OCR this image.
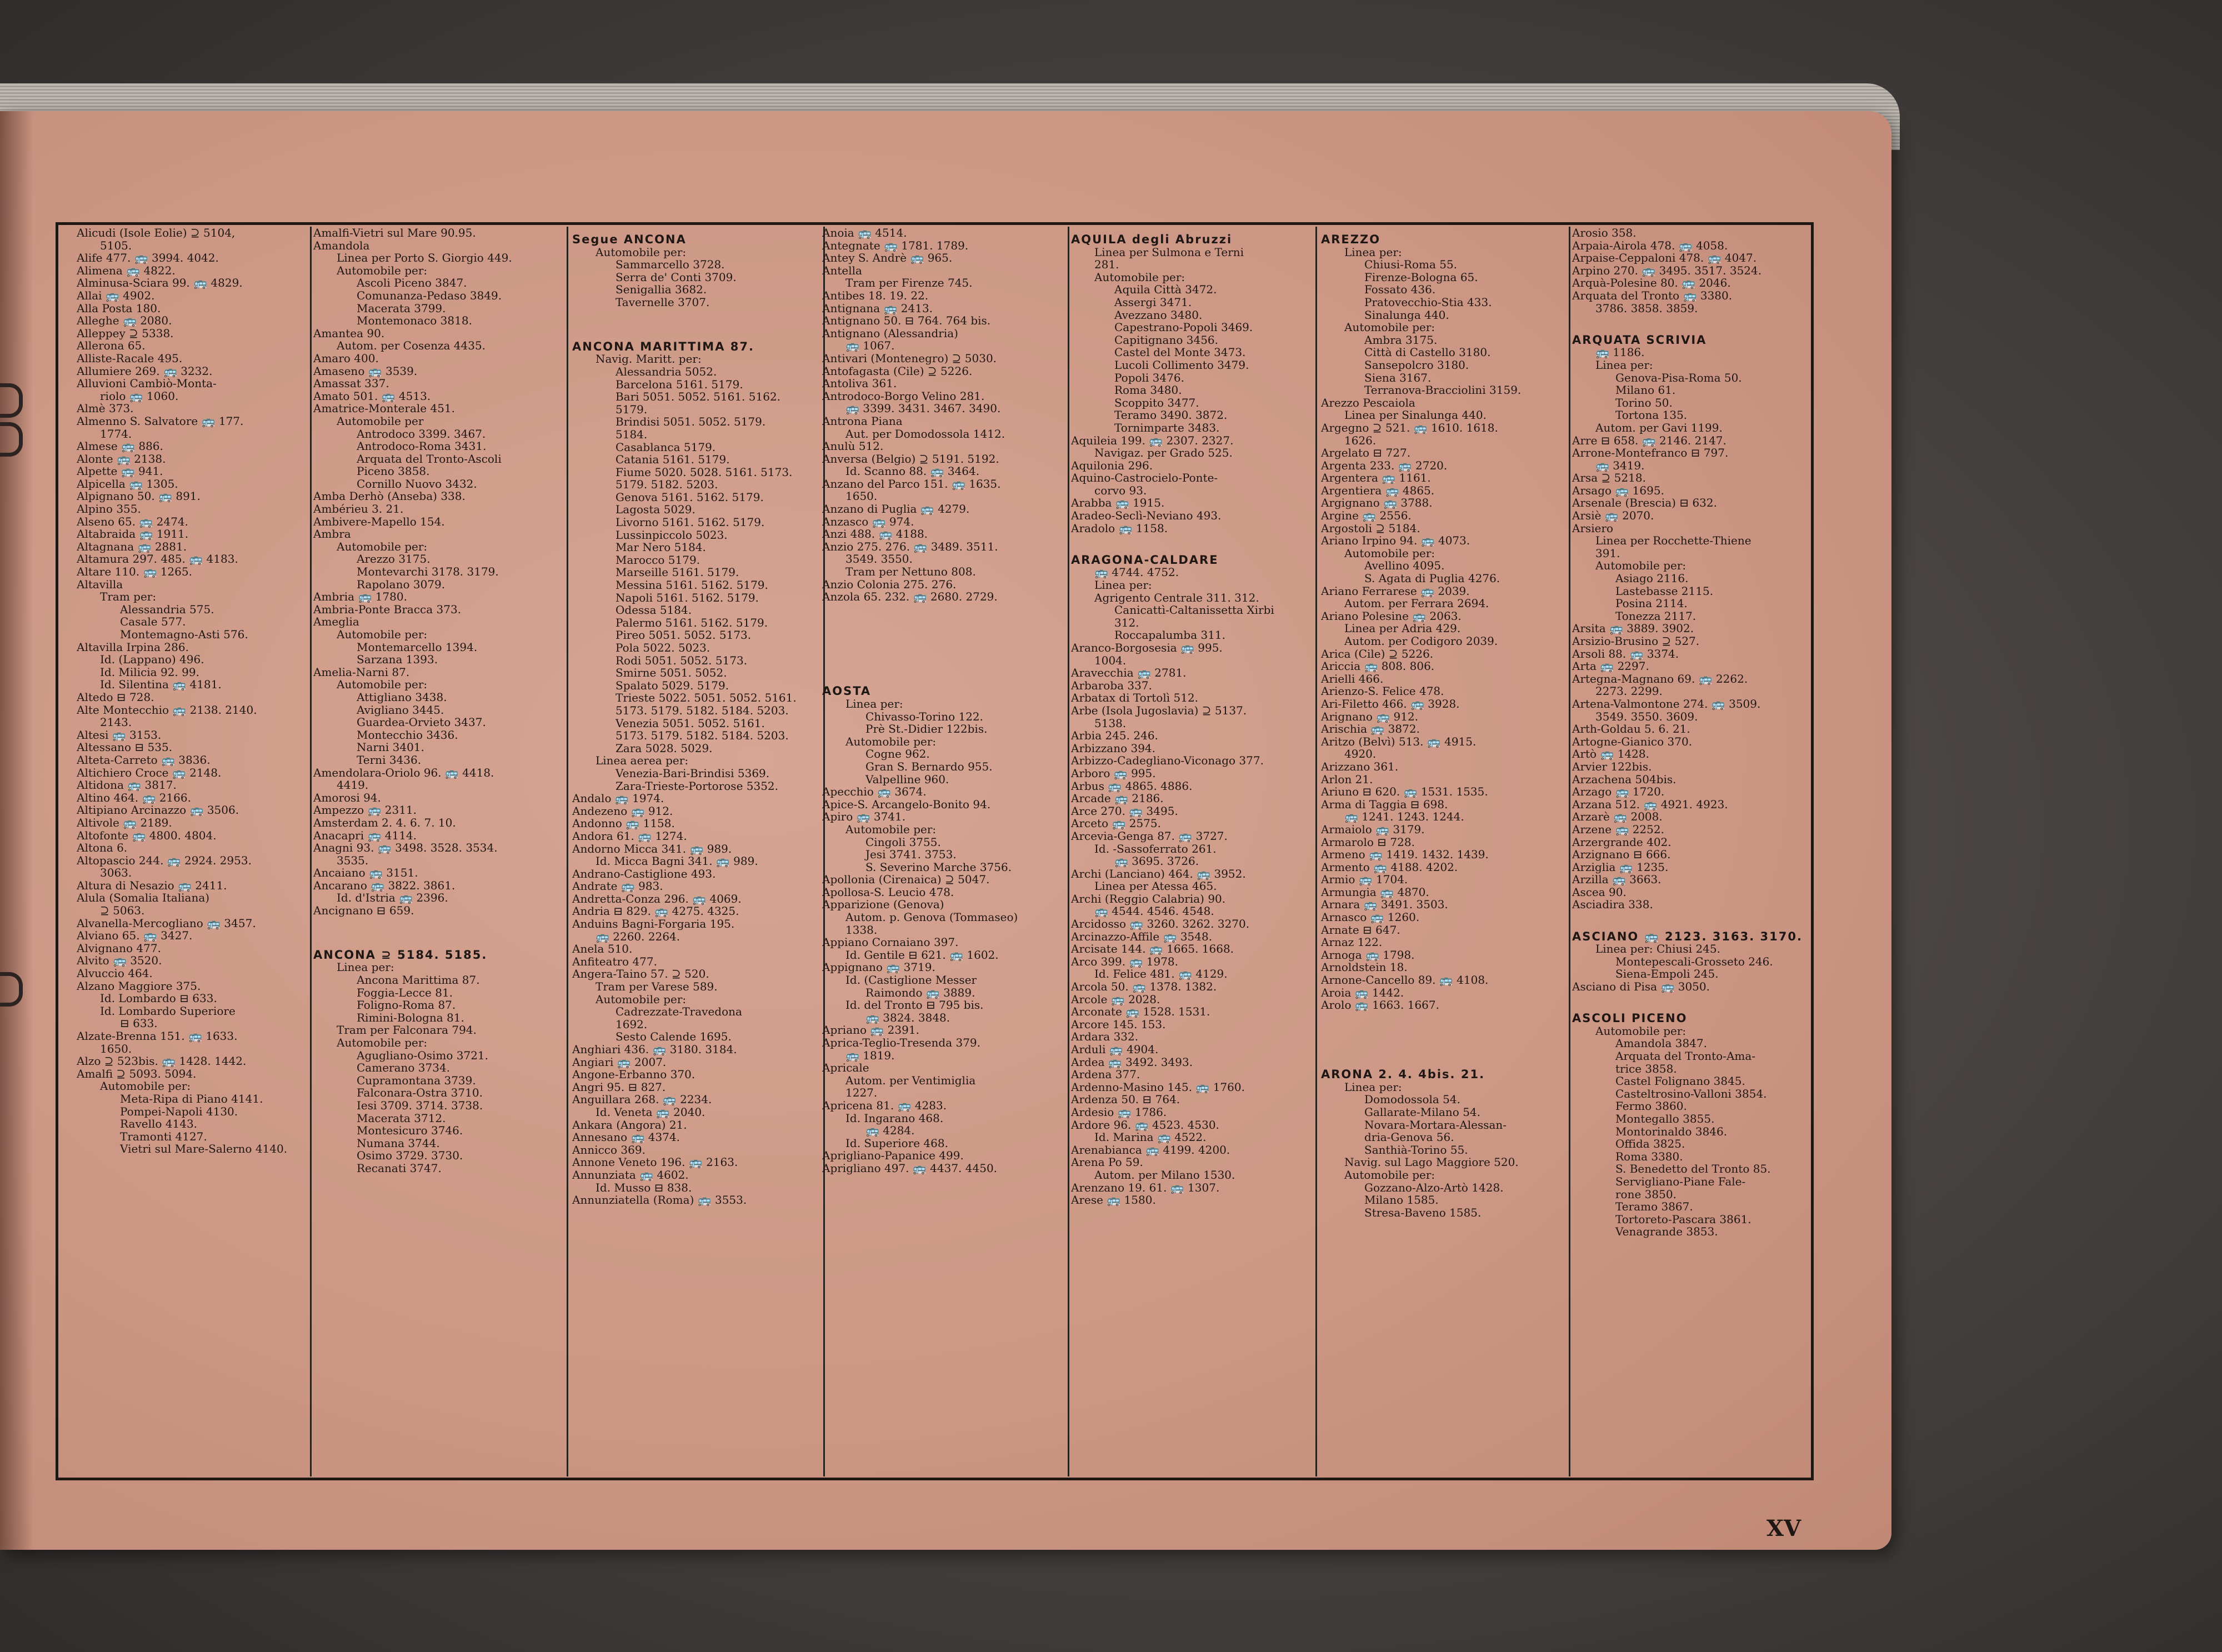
Alicudi (Isole Eolie) ⊇ 5104,
5105.
Alife 477. 🚌 3994. 4042.
Alimena 🚌 4822.
Alminusa-Sciara 99. 🚌 4829.
Allai 🚌 4902.
Alla Posta 180.
Alleghe 🚌 2080.
Alleppey ⊇ 5338.
Allerona 65.
Alliste-Racale 495.
Allumiere 269. 🚌 3232.
Alluvioni Cambiò-Monta-
riolo 🚌 1060.
Almè 373.
Almenno S. Salvatore 🚌 177.
1774.
Almese 🚌 886.
Alonte 🚌 2138.
Alpette 🚌 941.
Alpicella 🚌 1305.
Alpignano 50. 🚌 891.
Alpino 355.
Alseno 65. 🚌 2474.
Altabraida 🚌 1911.
Altagnana 🚌 2881.
Altamura 297. 485. 🚌 4183.
Altare 110. 🚌 1265.
Altavilla
Tram per:
Alessandria 575.
Casale 577.
Montemagno-Asti 576.
Altavilla Irpina 286.
Id. (Lappano) 496.
Id. Milicia 92. 99.
Id. Silentina 🚌 4181.
Altedo ⊟ 728.
Alte Montecchio 🚌 2138. 2140.
2143.
Altesi 🚌 3153.
Altessano ⊟ 535.
Alteta-Carreto 🚌 3836.
Altichiero Croce 🚌 2148.
Altidona 🚌 3817.
Altino 464. 🚌 2166.
Altipiano Arcinazzo 🚌 3506.
Altivole 🚌 2189.
Altofonte 🚌 4800. 4804.
Altona 6.
Altopascio 244. 🚌 2924. 2953.
3063.
Altura di Nesazio 🚌 2411.
Alula (Somalia Italiana)
⊇ 5063.
Alvanella-Mercogliano 🚌 3457.
Alviano 65. 🚌 3427.
Alvignano 477.
Alvito 🚌 3520.
Alvuccio 464.
Alzano Maggiore 375.
Id. Lombardo ⊟ 633.
Id. Lombardo Superiore
⊟ 633.
Alzate-Brenna 151. 🚌 1633.
1650.
Alzo ⊇ 523bis. 🚌 1428. 1442.
Amalfi ⊇ 5093. 5094.
Automobile per:
Meta-Ripa di Piano 4141.
Pompei-Napoli 4130.
Ravello 4143.
Tramonti 4127.
Vietri sul Mare-Salerno 4140.
Amalfi-Vietri sul Mare 90.95.
Amandola
Linea per Porto S. Giorgio 449.
Automobile per:
Ascoli Piceno 3847.
Comunanza-Pedaso 3849.
Macerata 3799.
Montemonaco 3818.
Amantea 90.
Autom. per Cosenza 4435.
Amaro 400.
Amaseno 🚌 3539.
Amassat 337.
Amato 501. 🚌 4513.
Amatrice-Monterale 451.
Automobile per
Antrodoco 3399. 3467.
Antrodoco-Roma 3431.
Arquata del Tronto-Ascoli
Piceno 3858.
Cornillo Nuovo 3432.
Amba Derhò (Anseba) 338.
Ambérieu 3. 21.
Ambivere-Mapello 154.
Ambra
Automobile per:
Arezzo 3175.
Montevarchi 3178. 3179.
Rapolano 3079.
Ambria 🚌 1780.
Ambria-Ponte Bracca 373.
Ameglia
Automobile per:
Montemarcello 1394.
Sarzana 1393.
Amelia-Narni 87.
Automobile per:
Attigliano 3438.
Avigliano 3445.
Guardea-Orvieto 3437.
Montecchio 3436.
Narni 3401.
Terni 3436.
Amendolara-Oriolo 96. 🚌 4418.
4419.
Amorosi 94.
Ampezzo 🚌 2311.
Amsterdam 2. 4. 6. 7. 10.
Anacapri 🚌 4114.
Anagni 93. 🚌 3498. 3528. 3534.
3535.
Ancaiano 🚌 3151.
Ancarano 🚌 3822. 3861.
Id. d'Istria 🚌 2396.
Ancignano ⊟ 659.

ANCONA ⊇ 5184. 5185.
Linea per:
Ancona Marittima 87.
Foggia-Lecce 81.
Foligno-Roma 87.
Rimini-Bologna 81.
Tram per Falconara 794.
Automobile per:
Agugliano-Osimo 3721.
Camerano 3734.
Cupramontana 3739.
Falconara-Ostra 3710.
Iesi 3709. 3714. 3738.
Macerata 3712.
Montesicuro 3746.
Numana 3744.
Osimo 3729. 3730.
Recanati 3747.
Segue ANCONA
Automobile per:
Sammarcello 3728.
Serra de' Conti 3709.
Senigallia 3682.
Tavernelle 3707.

ANCONA MARITTIMA 87.
Navig. Maritt. per:
Alessandria 5052.
Barcelona 5161. 5179.
Bari 5051. 5052. 5161. 5162.
5179.
Brindisi 5051. 5052. 5179.
5184.
Casablanca 5179.
Catania 5161. 5179.
Fiume 5020. 5028. 5161. 5173.
5179. 5182. 5203.
Genova 5161. 5162. 5179.
Lagosta 5029.
Livorno 5161. 5162. 5179.
Lussinpiccolo 5023.
Mar Nero 5184.
Marocco 5179.
Marseille 5161. 5179.
Messina 5161. 5162. 5179.
Napoli 5161. 5162. 5179.
Odessa 5184.
Palermo 5161. 5162. 5179.
Pireo 5051. 5052. 5173.
Pola 5022. 5023.
Rodi 5051. 5052. 5173.
Smirne 5051. 5052.
Spalato 5029. 5179.
Trieste 5022. 5051. 5052. 5161.
5173. 5179. 5182. 5184. 5203.
Venezia 5051. 5052. 5161.
5173. 5179. 5182. 5184. 5203.
Zara 5028. 5029.
Linea aerea per:
Venezia-Bari-Brindisi 5369.
Zara-Trieste-Portorose 5352.
Andalo 🚌 1974.
Andezeno 🚌 912.
Andonno 🚌 1158.
Andora 61. 🚌 1274.
Andorno Micca 341. 🚌 989.
Id. Micca Bagni 341. 🚌 989.
Andrano-Castiglione 493.
Andrate 🚌 983.
Andretta-Conza 296. 🚌 4069.
Andria ⊟ 829. 🚌 4275. 4325.
Anduins Bagni-Forgaria 195.
🚌 2260. 2264.
Anela 510.
Anfiteatro 477.
Angera-Taino 57. ⊇ 520.
Tram per Varese 589.
Automobile per:
Cadrezzate-Travedona
1692.
Sesto Calende 1695.
Anghiari 436. 🚌 3180. 3184.
Angiari 🚌 2007.
Angone-Erbanno 370.
Angri 95. ⊟ 827.
Anguillara 268. 🚌 2234.
Id. Veneta 🚌 2040.
Ankara (Angora) 21.
Annesano 🚌 4374.
Annicco 369.
Annone Veneto 196. 🚌 2163.
Annunziata 🚌 4602.
Id. Musso ⊟ 838.
Annunziatella (Roma) 🚌 3553.
Anoia 🚌 4514.
Antegnate 🚌 1781. 1789.
Antey S. Andrè 🚌 965.
Antella
Tram per Firenze 745.
Antibes 18. 19. 22.
Antignana 🚌 2413.
Antignano 50. ⊟ 764. 764 bis.
Antignano (Alessandria)
🚌 1067.
Antivari (Montenegro) ⊇ 5030.
Antofagasta (Cile) ⊇ 5226.
Antoliva 361.
Antrodoco-Borgo Velino 281.
🚌 3399. 3431. 3467. 3490.
Antrona Piana
Aut. per Domodossola 1412.
Anulù 512.
Anversa (Belgio) ⊇ 5191. 5192.
Id. Scanno 88. 🚌 3464.
Anzano del Parco 151. 🚌 1635.
1650.
Anzano di Puglia 🚌 4279.
Anzasco 🚌 974.
Anzi 488. 🚌 4188.
Anzio 275. 276. 🚌 3489. 3511.
3549. 3550.
Tram per Nettuno 808.
Anzio Colonia 275. 276.
Anzola 65. 232. 🚌 2680. 2729.

AOSTA
Linea per:
Chivasso-Torino 122.
Prè St.-Didier 122bis.
Automobile per:
Cogne 962.
Gran S. Bernardo 955.
Valpelline 960.
Apecchio 🚌 3674.
Apice-S. Arcangelo-Bonito 94.
Apiro 🚌 3741.
Automobile per:
Cingoli 3755.
Jesi 3741. 3753.
S. Severino Marche 3756.
Apollonia (Cirenaica) ⊇ 5047.
Apollosa-S. Leucio 478.
Apparizione (Genova)
Autom. p. Genova (Tommaseo)
1338.
Appiano Cornaiano 397.
Id. Gentile ⊟ 621. 🚌 1602.
Appignano 🚌 3719.
Id. (Castiglione Messer
Raimondo 🚌 3889.
Id. del Tronto ⊟ 795 bis.
🚌 3824. 3848.
Apriano 🚌 2391.
Aprica-Teglio-Tresenda 379.
🚌 1819.
Apricale
Autom. per Ventimiglia
1227.
Apricena 81. 🚌 4283.
Id. Ingarano 468.
🚌 4284.
Id. Superiore 468.
Aprigliano-Papanice 499.
Aprigliano 497. 🚌 4437. 4450.
AQUILA degli Abruzzi
Linea per Sulmona e Terni
281.
Automobile per:
Aquila Città 3472.
Assergi 3471.
Avezzano 3480.
Capestrano-Popoli 3469.
Capitignano 3456.
Castel del Monte 3473.
Lucoli Collimento 3479.
Popoli 3476.
Roma 3480.
Scoppito 3477.
Teramo 3490. 3872.
Tornimparte 3483.
Aquileia 199. 🚌 2307. 2327.
Navigaz. per Grado 525.
Aquilonia 296.
Aquino-Castrocielo-Ponte-
corvo 93.
Arabba 🚌 1915.
Aradeo-Seclì-Neviano 493.
Aradolo 🚌 1158.

ARAGONA-CALDARE
🚌 4744. 4752.
Linea per:
Agrigento Centrale 311. 312.
Canicattì-Caltanissetta Xirbi
312.
Roccapalumba 311.
Aranco-Borgosesia 🚌 995.
1004.
Aravecchia 🚌 2781.
Arbaroba 337.
Arbatax di Tortolì 512.
Arbe (Isola Jugoslavia) ⊇ 5137.
5138.
Arbia 245. 246.
Arbizzano 394.
Arbizzo-Cadegliano-Viconago 377.
Arboro 🚌 995.
Arbus 🚌 4865. 4886.
Arcade 🚌 2186.
Arce 270. 🚌 3495.
Arceto 🚌 2575.
Arcevia-Genga 87. 🚌 3727.
Id. -Sassoferrato 261.
🚌 3695. 3726.
Archi (Lanciano) 464. 🚌 3952.
Linea per Atessa 465.
Archi (Reggio Calabria) 90.
🚌 4544. 4546. 4548.
Arcidosso 🚌 3260. 3262. 3270.
Arcinazzo-Affile 🚌 3548.
Arcisate 144. 🚌 1665. 1668.
Arco 399. 🚌 1978.
Id. Felice 481. 🚌 4129.
Arcola 50. 🚌 1378. 1382.
Arcole 🚌 2028.
Arconate 🚌 1528. 1531.
Arcore 145. 153.
Ardara 332.
Arduli 🚌 4904.
Ardea 🚌 3492. 3493.
Ardena 377.
Ardenno-Masino 145. 🚌 1760.
Ardenza 50. ⊟ 764.
Ardesio 🚌 1786.
Ardore 96. 🚌 4523. 4530.
Id. Marina 🚌 4522.
Arenabianca 🚌 4199. 4200.
Arena Po 59.
Autom. per Milano 1530.
Arenzano 19. 61. 🚌 1307.
Arese 🚌 1580.
AREZZO
Linea per:
Chiusi-Roma 55.
Firenze-Bologna 65.
Fossato 436.
Pratovecchio-Stia 433.
Sinalunga 440.
Automobile per:
Ambra 3175.
Città di Castello 3180.
Sansepolcro 3180.
Siena 3167.
Terranova-Bracciolini 3159.
Arezzo Pescaiola
Linea per Sinalunga 440.
Argegno ⊇ 521. 🚌 1610. 1618.
1626.
Argelato ⊟ 727.
Argenta 233. 🚌 2720.
Argentera 🚌 1161.
Argentiera 🚌 4865.
Argignano 🚌 3788.
Argine 🚌 2556.
Argostoli ⊇ 5184.
Ariano Irpino 94. 🚌 4073.
Automobile per:
Avellino 4095.
S. Agata di Puglia 4276.
Ariano Ferrarese 🚌 2039.
Autom. per Ferrara 2694.
Ariano Polesine 🚌 2063.
Linea per Adria 429.
Autom. per Codigoro 2039.
Arica (Cile) ⊇ 5226.
Ariccia 🚌 808. 806.
Arielli 466.
Arienzo-S. Felice 478.
Ari-Filetto 466. 🚌 3928.
Arignano 🚌 912.
Arischia 🚌 3872.
Aritzo (Belvì) 513. 🚌 4915.
4920.
Arizzano 361.
Arlon 21.
Ariuno ⊟ 620. 🚌 1531. 1535.
Arma di Taggia ⊟ 698.
🚌 1241. 1243. 1244.
Armaiolo 🚌 3179.
Armarolo ⊟ 728.
Armeno 🚌 1419. 1432. 1439.
Armento 🚌 4188. 4202.
Armio 🚌 1704.
Armungia 🚌 4870.
Arnara 🚌 3491. 3503.
Arnasco 🚌 1260.
Arnate ⊟ 647.
Arnaz 122.
Arnoga 🚌 1798.
Arnoldstein 18.
Arnone-Cancello 89. 🚌 4108.
Aroia 🚌 1442.
Arolo 🚌 1663. 1667.

ARONA 2. 4. 4bis. 21.
Linea per:
Domodossola 54.
Gallarate-Milano 54.
Novara-Mortara-Alessan-
dria-Genova 56.
Santhià-Torino 55.
Navig. sul Lago Maggiore 520.
Automobile per:
Gozzano-Alzo-Artò 1428.
Milano 1585.
Stresa-Baveno 1585.
Arosio 358.
Arpaia-Airola 478. 🚌 4058.
Arpaise-Ceppaloni 478. 🚌 4047.
Arpino 270. 🚌 3495. 3517. 3524.
Arquà-Polesine 80. 🚌 2046.
Arquata del Tronto 🚌 3380.
3786. 3858. 3859.

ARQUATA SCRIVIA
🚌 1186.
Linea per:
Genova-Pisa-Roma 50.
Milano 61.
Torino 50.
Tortona 135.
Autom. per Gavi 1199.
Arre ⊟ 658. 🚌 2146. 2147.
Arrone-Montefranco ⊟ 797.
🚌 3419.
Arsa ⊇ 5218.
Arsago 🚌 1695.
Arsenale (Brescia) ⊟ 632.
Arsiè 🚌 2070.
Arsiero
Linea per Rocchette-Thiene
391.
Automobile per:
Asiago 2116.
Lastebasse 2115.
Posina 2114.
Tonezza 2117.
Arsita 🚌 3889. 3902.
Arsizio-Brusino ⊇ 527.
Arsoli 88. 🚌 3374.
Arta 🚌 2297.
Artegna-Magnano 69. 🚌 2262.
2273. 2299.
Artena-Valmontone 274. 🚌 3509.
3549. 3550. 3609.
Arth-Goldau 5. 6. 21.
Artogne-Gianico 370.
Artò 🚌 1428.
Arvier 122bis.
Arzachena 504bis.
Arzago 🚌 1720.
Arzana 512. 🚌 4921. 4923.
Arzarè 🚌 2008.
Arzene 🚌 2252.
Arzergrande 402.
Arzignano ⊟ 666.
Arziglia 🚌 1235.
Arzilla 🚌 3663.
Ascea 90.
Asciadira 338.

ASCIANO 🚌 2123. 3163. 3170.
Linea per: Chiusi 245.
Montepescali-Grosseto 246.
Siena-Empoli 245.
Asciano di Pisa 🚌 3050.

ASCOLI PICENO
Automobile per:
Amandola 3847.
Arquata del Tronto-Ama-
trice 3858.
Castel Folignano 3845.
Casteltrosino-Valloni 3854.
Fermo 3860.
Montegallo 3855.
Montorinaldo 3846.
Offida 3825.
Roma 3380.
S. Benedetto del Tronto 85.
Servigliano-Piane Fale-
rone 3850.
Teramo 3867.
Tortoreto-Pascara 3861.
Venagrande 3853.
XV
